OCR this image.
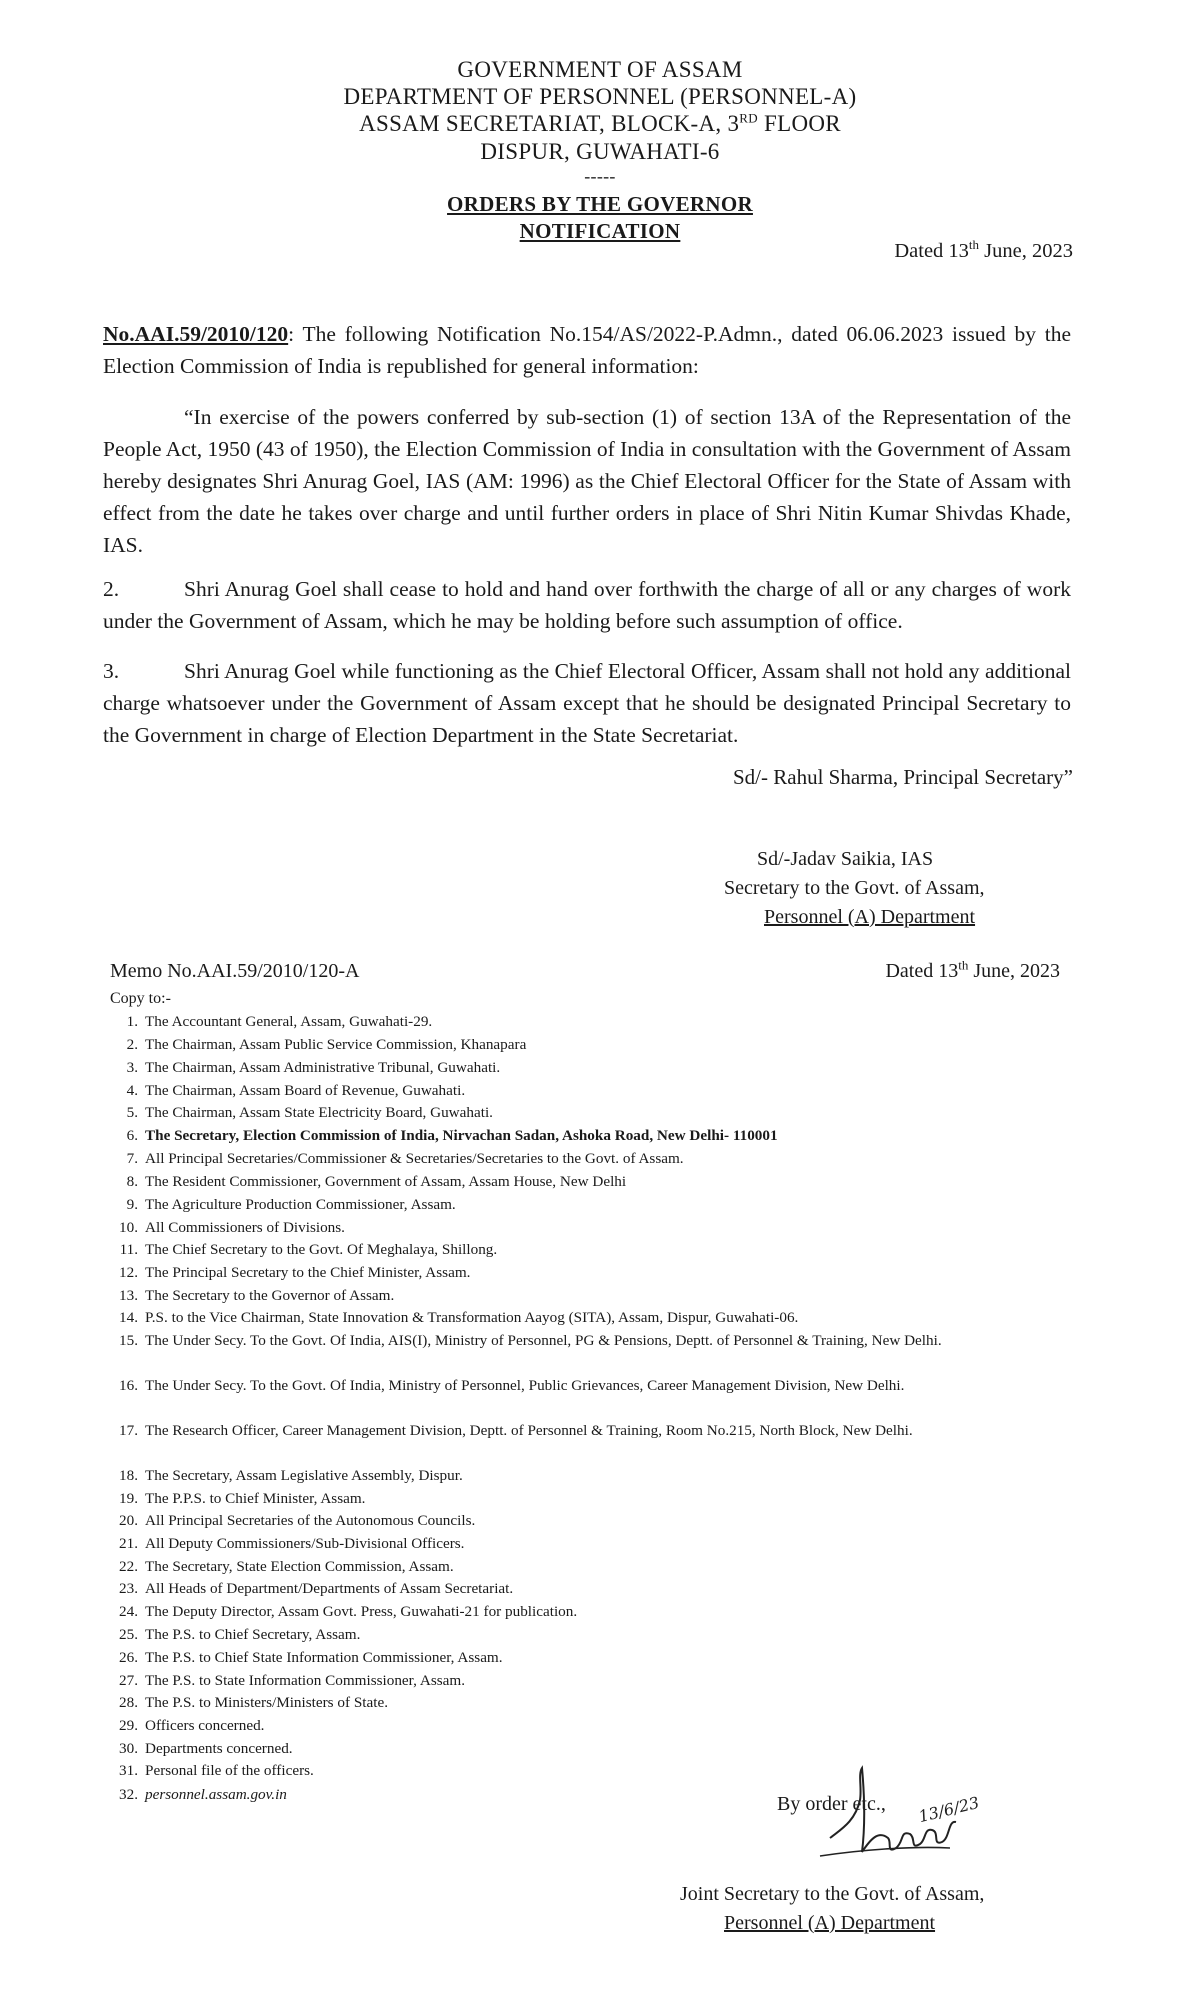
GOVERNMENT OF ASSAM
DEPARTMENT OF PERSONNEL (PERSONNEL-A)
ASSAM SECRETARIAT, BLOCK-A, 3RD FLOOR
DISPUR, GUWAHATI-6
-----
ORDERS BY THE GOVERNOR
NOTIFICATION
Dated 13th June, 2023
No.AAI.59/2010/120: The following Notification No.154/AS/2022-P.Admn., dated 06.06.2023 issued by the Election Commission of India is republished for general information:
“In exercise of the powers conferred by sub-section (1) of section 13A of the Representation of the People Act, 1950 (43 of 1950), the Election Commission of India in consultation with the Government of Assam hereby designates Shri Anurag Goel, IAS (AM: 1996) as the Chief Electoral Officer for the State of Assam with effect from the date he takes over charge and until further orders in place of Shri Nitin Kumar Shivdas Khade, IAS.
2.	Shri Anurag Goel shall cease to hold and hand over forthwith the charge of all or any charges of work under the Government of Assam, which he may be holding before such assumption of office.
3.	Shri Anurag Goel while functioning as the Chief Electoral Officer, Assam shall not hold any additional charge whatsoever under the Government of Assam except that he should be designated Principal Secretary to the Government in charge of Election Department in the State Secretariat.
Sd/- Rahul Sharma, Principal Secretary”
Sd/-Jadav Saikia, IAS
Secretary to the Govt. of Assam,
Personnel (A) Department
Memo No.AAI.59/2010/120-A	Dated 13th June, 2023
Copy to:-
1. The Accountant General, Assam, Guwahati-29.
2. The Chairman, Assam Public Service Commission, Khanapara
3. The Chairman, Assam Administrative Tribunal, Guwahati.
4. The Chairman, Assam Board of Revenue, Guwahati.
5. The Chairman, Assam State Electricity Board, Guwahati.
6. The Secretary, Election Commission of India, Nirvachan Sadan, Ashoka Road, New Delhi- 110001
7. All Principal Secretaries/Commissioner & Secretaries/Secretaries to the Govt. of Assam.
8. The Resident Commissioner, Government of Assam, Assam House, New Delhi
9. The Agriculture Production Commissioner, Assam.
10. All Commissioners of Divisions.
11. The Chief Secretary to the Govt. Of Meghalaya, Shillong.
12. The Principal Secretary to the Chief Minister, Assam.
13. The Secretary to the Governor of Assam.
14. P.S. to the Vice Chairman, State Innovation & Transformation Aayog (SITA), Assam, Dispur, Guwahati-06.
15. The Under Secy. To the Govt. Of India, AIS(I), Ministry of Personnel, PG & Pensions, Deptt. of Personnel & Training, New Delhi.
16. The Under Secy. To the Govt. Of India, Ministry of Personnel, Public Grievances, Career Management Division, New Delhi.
17. The Research Officer, Career Management Division, Deptt. of Personnel & Training, Room No.215, North Block, New Delhi.
18. The Secretary, Assam Legislative Assembly, Dispur.
19. The P.P.S. to Chief Minister, Assam.
20. All Principal Secretaries of the Autonomous Councils.
21. All Deputy Commissioners/Sub-Divisional Officers.
22. The Secretary, State Election Commission, Assam.
23. All Heads of Department/Departments of Assam Secretariat.
24. The Deputy Director, Assam Govt. Press, Guwahati-21 for publication.
25. The P.S. to Chief Secretary, Assam.
26. The P.S. to Chief State Information Commissioner, Assam.
27. The P.S. to State Information Commissioner, Assam.
28. The P.S. to Ministers/Ministers of State.
29. Officers concerned.
30. Departments concerned.
31. Personal file of the officers.
32. personnel.assam.gov.in	By order etc., 13/6/23
Joint Secretary to the Govt. of Assam,
Personnel (A) Department
